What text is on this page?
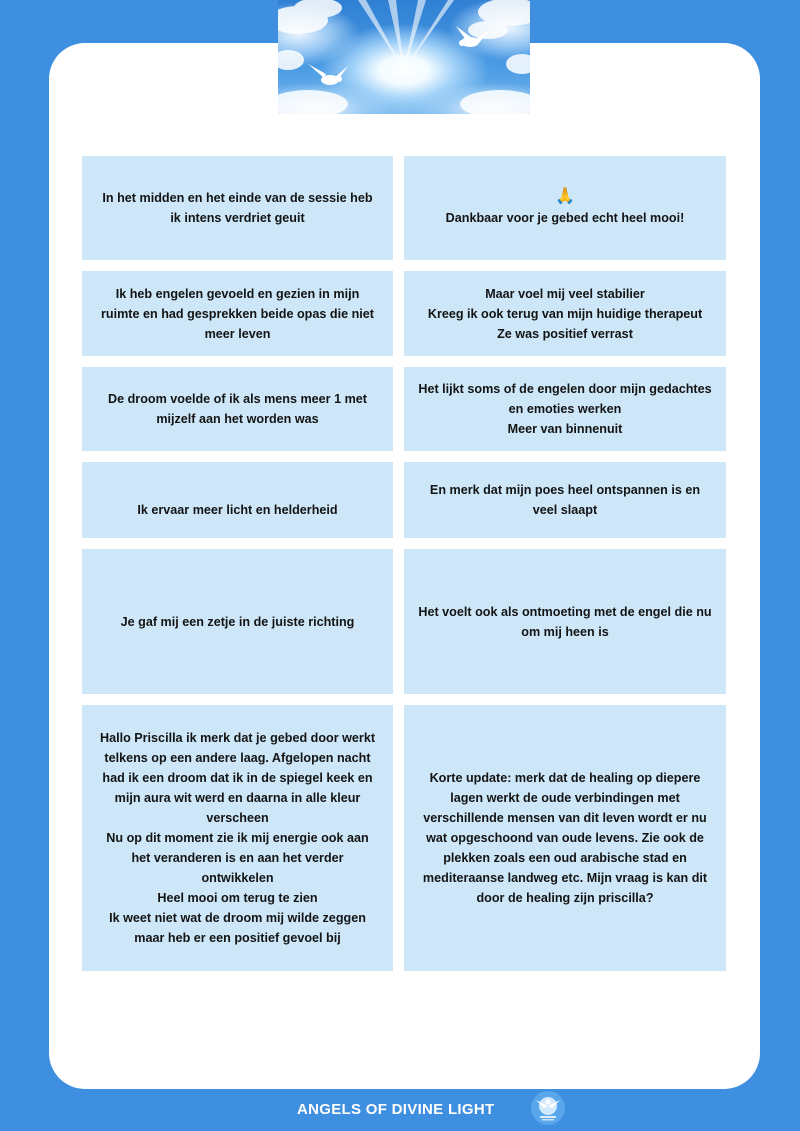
In het midden en het einde van de sessie heb ik intens verdriet geuit

🙏

Dankbaar voor je gebed echt heel mooi!

Ik heb engelen gevoeld en gezien in mijn ruimte en had gesprekken beide opas die niet meer leven

Maar voel mij veel stabilier
Kreeg ik ook terug van mijn huidige therapeut
Ze was positief verrast

De droom voelde of ik als mens meer 1 met mijzelf aan het worden was

Het lijkt soms of de engelen door mijn gedachtes en emoties werken
Meer van binnenuit

Ik ervaar meer licht en helderheid

En merk dat mijn poes heel ontspannen is en veel slaapt

Je gaf mij een zetje in de juiste richting

Het voelt ook als ontmoeting met de engel die nu om mij heen is

Hallo Priscilla ik merk dat je gebed door werkt telkens op een andere laag. Afgelopen nacht had ik een droom dat ik in de spiegel keek en mijn aura wit werd en daarna in alle kleur verscheen
Nu op dit moment zie ik mij energie ook aan het veranderen is en aan het verder ontwikkelen
Heel mooi om terug te zien
Ik weet niet wat de droom mij wilde zeggen maar heb er een positief gevoel bij

Korte update: merk dat de healing op diepere lagen werkt de oude verbindingen met verschillende mensen van dit leven wordt er nu wat opgeschoond van oude levens. Zie ook de plekken zoals een oud arabische stad en mediteraanse landweg etc. Mijn vraag is kan dit door de healing zijn priscilla?

ANGELS OF DIVINE LIGHT
